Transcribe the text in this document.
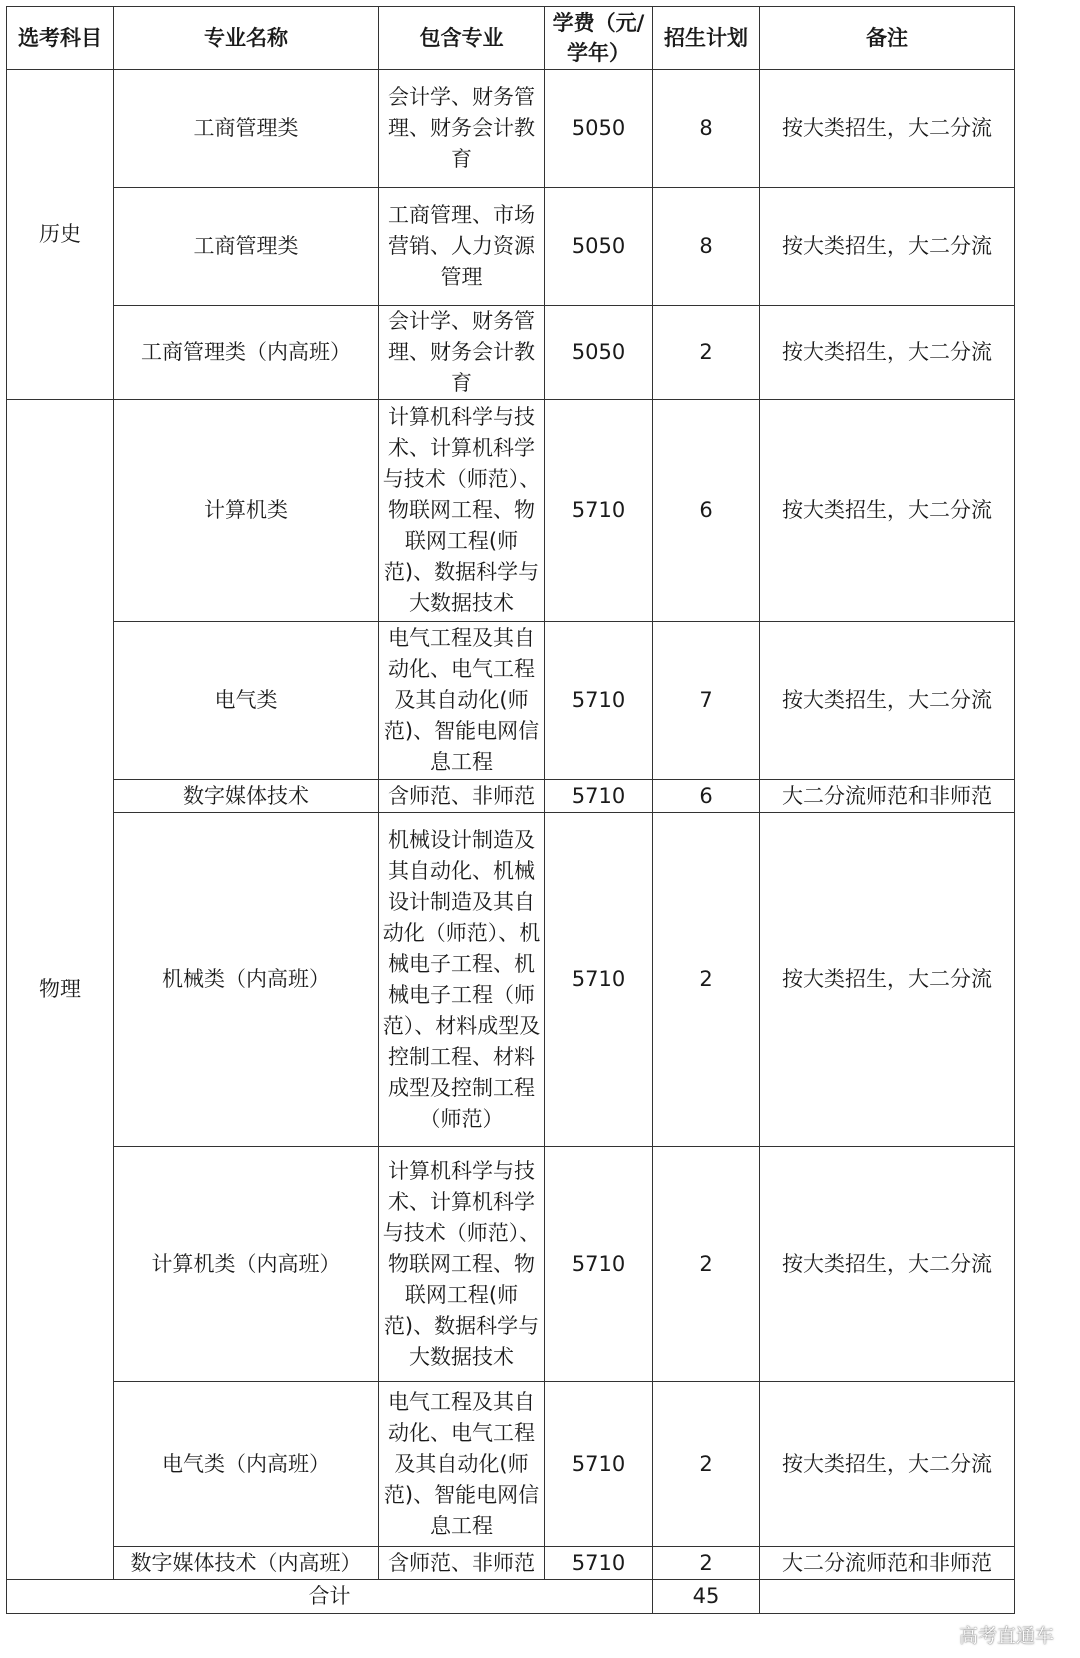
选考科目	专业名称	包含专业	学费（元/学年）	招生计划	备注
历史	工商管理类	会计学、财务管理、财务会计教育	5050	8	按大类招生，大二分流
	工商管理类	工商管理、市场营销、人力资源管理	5050	8	按大类招生，大二分流
	工商管理类（内高班）	会计学、财务管理、财务会计教育	5050	2	按大类招生，大二分流
物理	计算机类	计算机科学与技术、计算机科学与技术（师范）、物联网工程、物联网工程(师范)、数据科学与大数据技术	5710	6	按大类招生，大二分流
	电气类	电气工程及其自动化、电气工程及其自动化(师范)、智能电网信息工程	5710	7	按大类招生，大二分流
	数字媒体技术	含师范、非师范	5710	6	大二分流师范和非师范
	机械类（内高班）	机械设计制造及其自动化、机械设计制造及其自动化（师范）、机械电子工程、机械电子工程（师范）、材料成型及控制工程、材料成型及控制工程（师范）	5710	2	按大类招生，大二分流
	计算机类（内高班）	计算机科学与技术、计算机科学与技术（师范）、物联网工程、物联网工程(师范)、数据科学与大数据技术	5710	2	按大类招生，大二分流
	电气类（内高班）	电气工程及其自动化、电气工程及其自动化(师范)、智能电网信息工程	5710	2	按大类招生，大二分流
	数字媒体技术（内高班）	含师范、非师范	5710	2	大二分流师范和非师范
合计				45	
高考直通车
